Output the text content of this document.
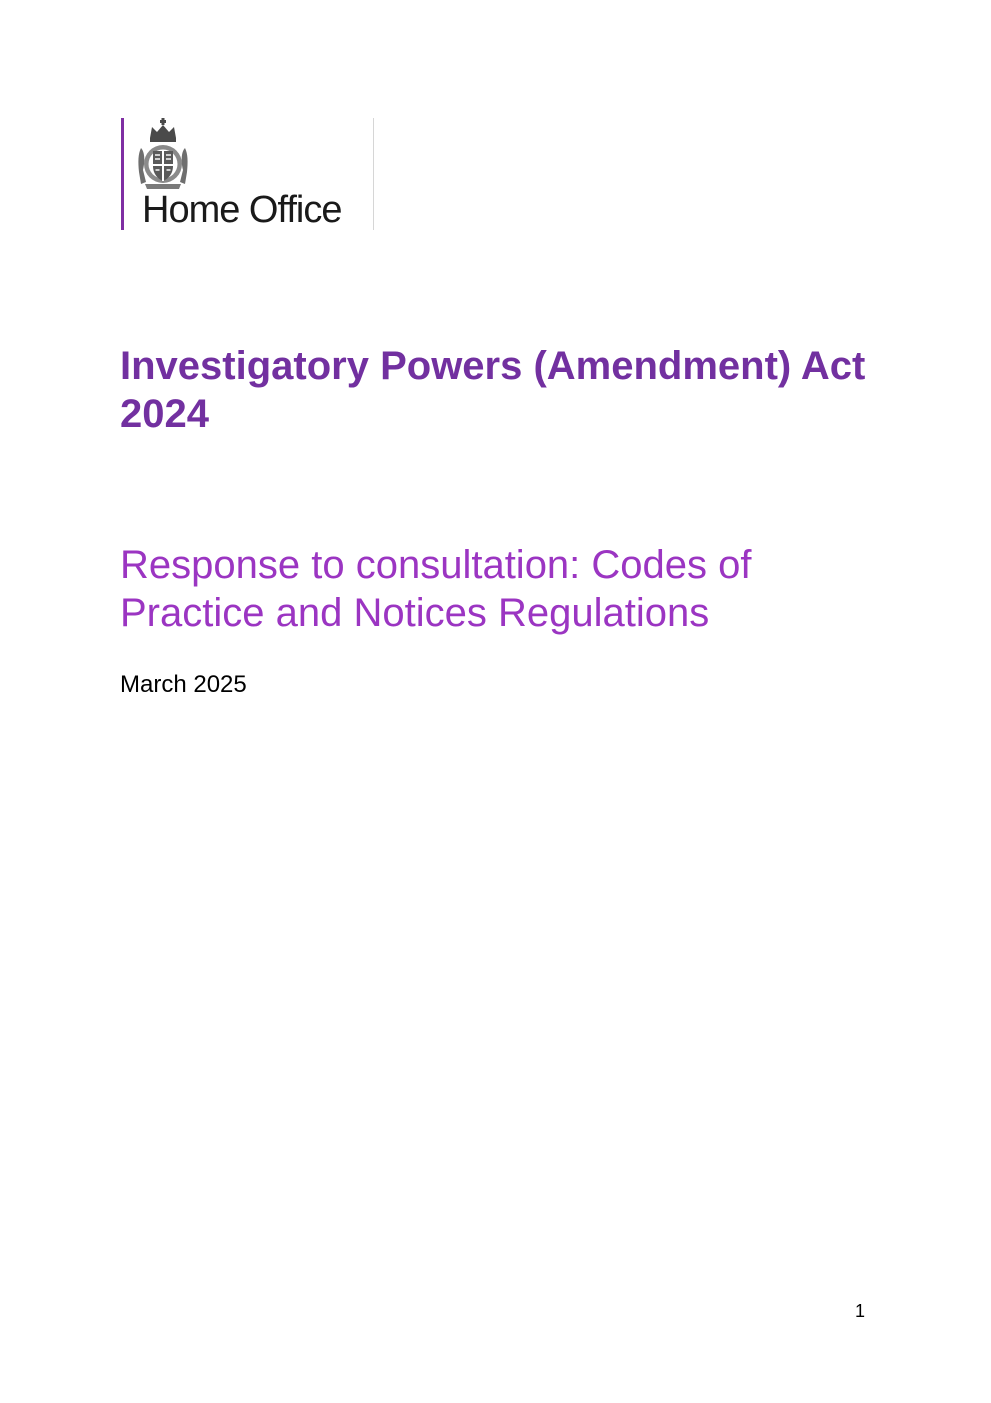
Home Office
Investigatory Powers (Amendment) Act 2024
Response to consultation: Codes of Practice and Notices Regulations
March 2025
1
